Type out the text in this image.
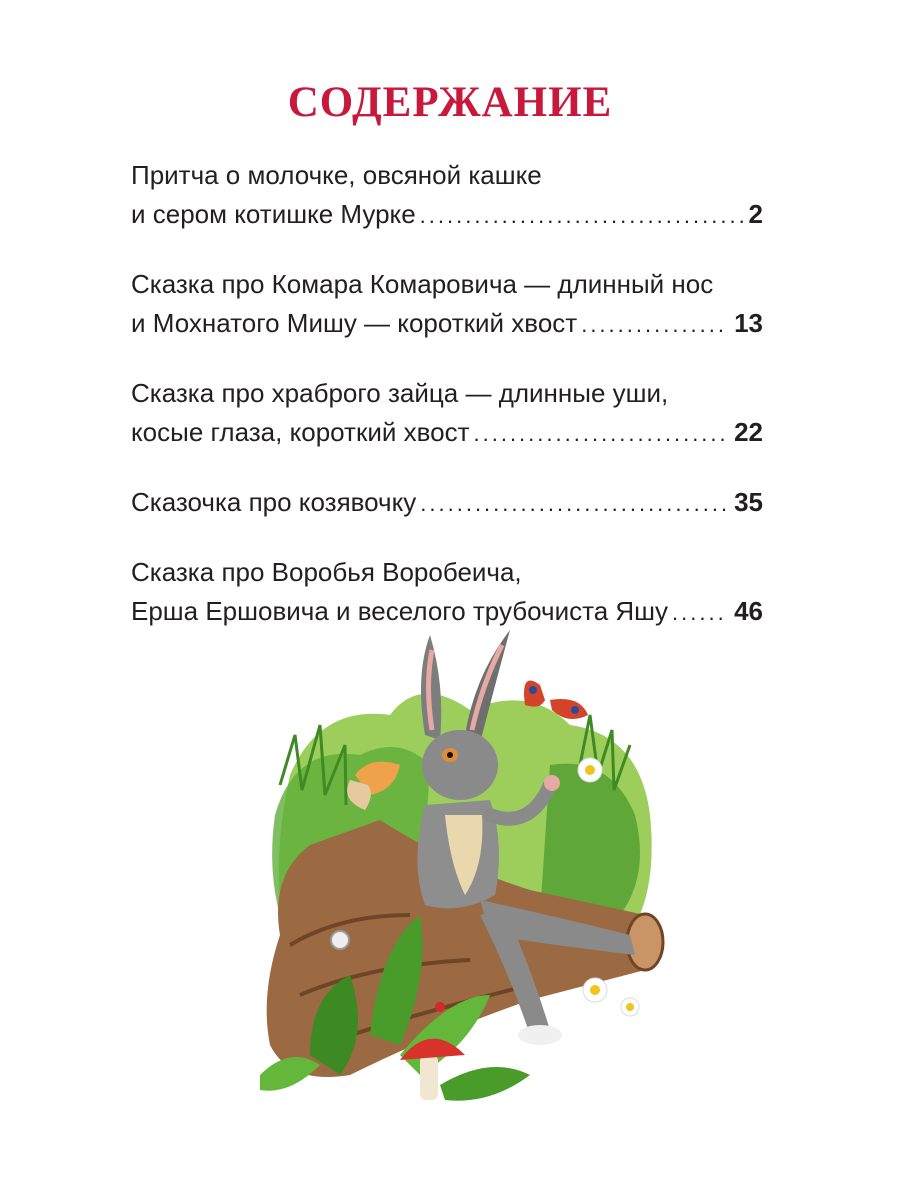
СОДЕРЖАНИЕ
Притча о молочке, овсяной кашке
и сером котишке Мурке .....	2
Сказка про Комара Комаровича — длинный нос
и Мохнатого Мишу — короткий хвост .....	13
Сказка про храброго зайца — длинные уши,
косые глаза, короткий хвост .....	22
Сказочка про козявочку .....	35
Сказка про Воробья Воробеича,
Ерша Ершовича и веселого трубочиста Яшу .....	46
